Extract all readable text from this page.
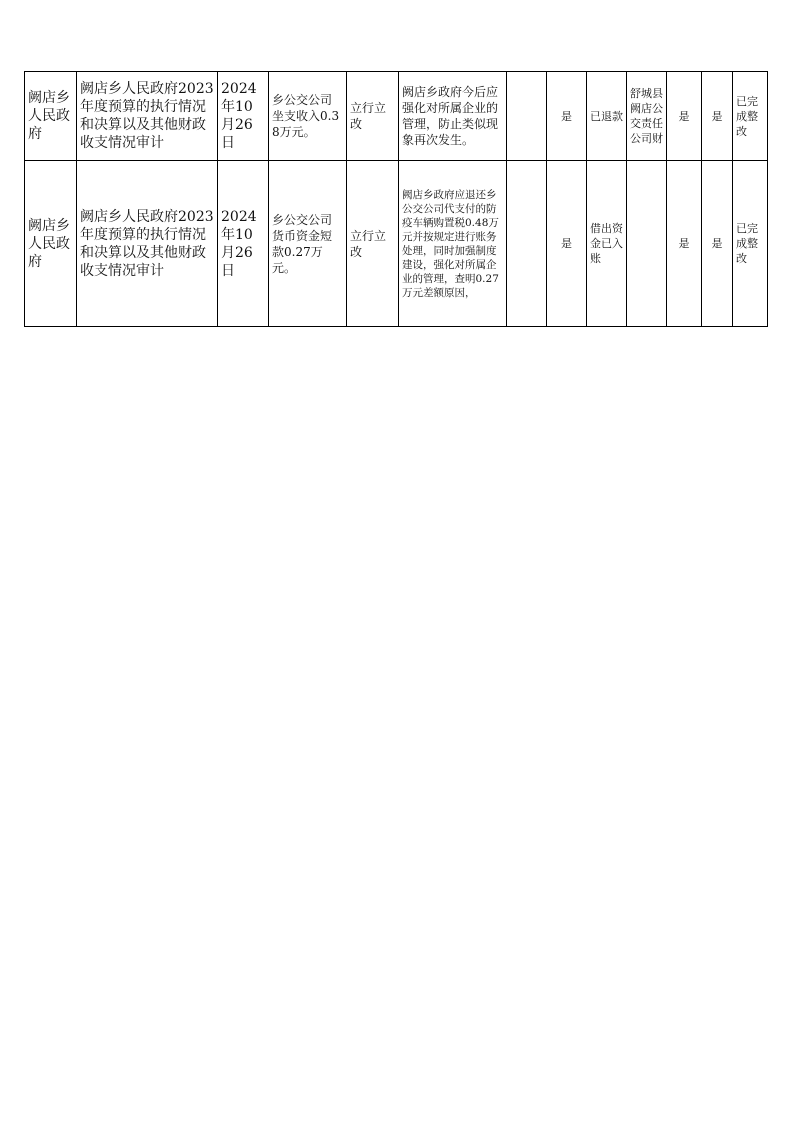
阙店乡人民政府	阙店乡人民政府2023年度预算的执行情况和决算以及其他财政收支情况审计	2024年10月26日	乡公交公司坐支收入0.38万元。	立行立改	阙店乡政府今后应强化对所属企业的管理，防止类似现象再次发生。		是	已退款	舒城县阙店公交责任公司财	是	是	已完成整改
阙店乡人民政府	阙店乡人民政府2023年度预算的执行情况和决算以及其他财政收支情况审计	2024年10月26日	乡公交公司货币资金短款0.27万元。	立行立改	阙店乡政府应退还乡公交公司代支付的防疫车辆购置税0.48万元并按规定进行账务处理，同时加强制度建设，强化对所属企业的管理，查明0.27万元差额原因，		是	借出资金已入账		是	是	已完成整改
